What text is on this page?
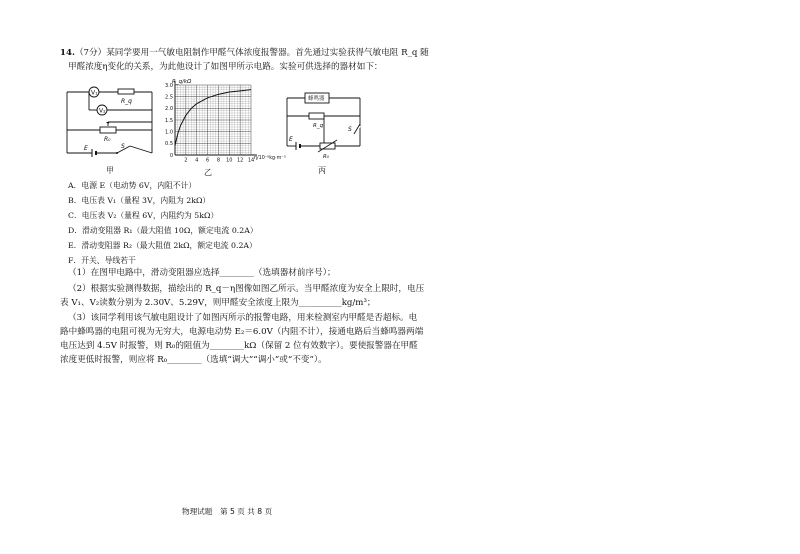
14.（7分）某同学要用一气敏电阻制作甲醛气体浓度报警器。首先通过实验获得气敏电阻 R_q 随
甲醛浓度η变化的关系，为此他设计了如图甲所示电路。实验可供选择的器材如下：
V₁
R_q
V₂
R₀
E	S
甲
3.0
2.5
2.0
1.5
1.0
0.5
0
2 4 6 8 10 12 14
R_q/kΩ
η/10⁻⁶kg·m⁻³
乙
蜂鸣器
R_q	S
E
R₀
丙
A．电源 E（电动势 6V，内阻不计）
B．电压表 V₁（量程 3V，内阻为 2kΩ）
C．电压表 V₂（量程 6V，内阻约为 5kΩ）
D．滑动变阻器 R₁（最大阻值 10Ω，额定电流 0.2A）
E．滑动变阻器 R₂（最大阻值 2kΩ，额定电流 0.2A）
F．开关、导线若干
（1）在图甲电路中，滑动变阻器应选择________（选填器材前序号）；
（2）根据实验测得数据，描绘出的 R_q－η图像如图乙所示。当甲醛浓度为安全上限时，电压
表 V₁、V₂读数分别为 2.30V、5.29V，则甲醛安全浓度上限为__________kg/m³；
（3）该同学利用该气敏电阻设计了如图丙所示的报警电路，用来检测室内甲醛是否超标。电
路中蜂鸣器的电阻可视为无穷大，电源电动势 E₂＝6.0V（内阻不计），接通电路后当蜂鸣器两端
电压达到 4.5V 时报警，则 R₀的阻值为________kΩ（保留 2 位有效数字）。要使报警器在甲醛
浓度更低时报警，则应将 R₀________（选填“调大”“调小”或“不变”）。
物理试题　第 5 页 共 8 页
